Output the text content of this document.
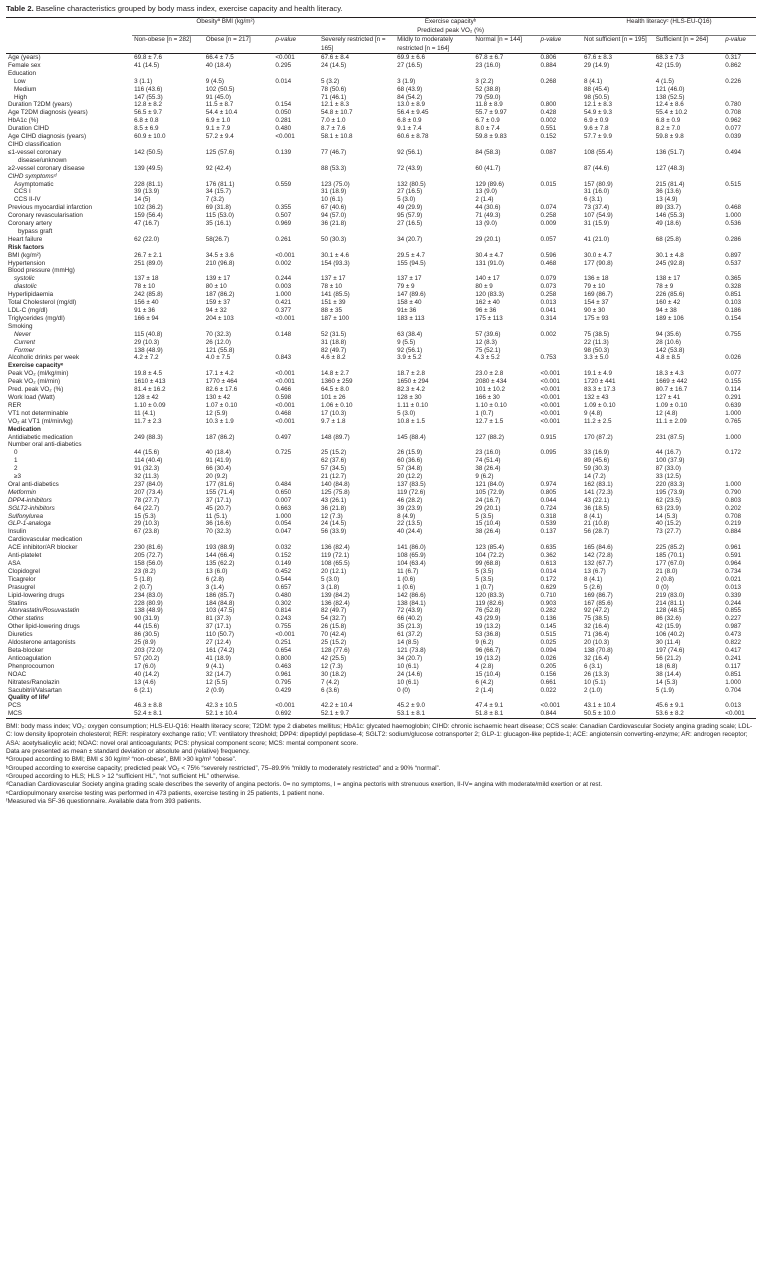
Table 2. Baseline characteristics grouped by body mass index, exercise capacity and health literacy.

	Obesityª BMI (kg/m²)			Exercise capacityᵇ
Predicted peak VO₂ (%)				Health literacyᶜ (HLS-EU-Q16)		
	Non-obese [n = 282]	Obese [n = 217]	p-value	Severely restricted [n = 165]	Mildly to moderately restricted [n = 164]	Normal [n = 144]	p-value	Not sufficient [n = 195]	Sufficient [n = 264]	p-value
Age (years)	69.8 ± 7.6	66.4 ± 7.5	<0.001	67.6 ± 8.4	69.9 ± 6.6	67.8 ± 6.7	0.806	67.6 ± 8.3	68.3 ± 7.3	0.317
Female sex	41 (14.5)	40 (18.4)	0.295	24 (14.5)	27 (16.5)	23 (16.0)	0.884	29 (14.9)	42 (15.9)	0.862
Education										
Low	3 (1.1)	9 (4.5)	0.014	5 (3.2)	3 (1.9)	3 (2.2)	0.268	8 (4.1)	4 (1.5)	0.226
Medium	116 (43.6)	102 (50.5)		78 (50.6)	68 (43.9)	52 (38.8)		88 (45.4)	121 (46.0)	
High	147 (55.3)	91 (45.0)		71 (46.1)	84 (54.2)	79 (59.0)		98 (50.5)	138 (52.5)	
Duration T2DM (years)	12.8 ± 8.2	11.5 ± 8.7	0.154	12.1 ± 8.3	13.0 ± 8.9	11.8 ± 8.9	0.800	12.1 ± 8.3	12.4 ± 8.6	0.780
Age T2DM diagnosis (years)	56.5 ± 9.7	54.4 ± 10.4	0.050	54.8 ± 10.7	56.4 ± 9.45	55.7 ± 9.97	0.428	54.9 ± 9.3	55.4 ± 10.2	0.708
HbA1c (%)	6.8 ± 0.8	6.9 ± 1.0	0.281	7.0 ± 1.0	6.8 ± 0.9	6.7 ± 0.9	0.002	6.9 ± 0.9	6.8 ± 0.9	0.962
Duration CIHD	8.5 ± 6.9	9.1 ± 7.9	0.480	8.7 ± 7.6	9.1 ± 7.4	8.0 ± 7.4	0.551	9.6 ± 7.8	8.2 ± 7.0	0.077
Age CIHD diagnosis (years)	60.9 ± 10.0	57.2 ± 9.4	<0.001	58.1 ± 10.8	60.6 ± 8.78	59.8 ± 9.83	0.152	57.7 ± 9.9	59.8 ± 9.8	0.039
CIHD classification										
≤1-vessel coronary	142 (50.5)	125 (57.6)	0.139	77 (46.7)	92 (56.1)	84 (58.3)	0.087	108 (55.4)	136 (51.7)	0.494
disease/unknown										
≥2-vessel coronary disease	139 (49.5)	92 (42.4)		88 (53.3)	72 (43.9)	60 (41.7)		87 (44.6)	127 (48.3)	
CIHD symptomsᵈ										
Asymptomatic	228 (81.1)	176 (81.1)	0.559	123 (75.0)	132 (80.5)	129 (89.6)	0.015	157 (80.9)	215 (81.4)	0.515
CCS I	39 (13.9)	34 (15.7)		31 (18.9)	27 (16.5)	13 (9.0)		31 (16.0)	36 (13.6)	
CCS II-IV	14 (5)	7 (3.2)		10 (6.1)	5 (3.0)	2 (1.4)		6 (3.1)	13 (4.9)	
Previous myocardial infarction	102 (36.2)	69 (31.8)	0.355	67 (40.6)	49 (29.9)	44 (30.6)	0.074	73 (37.4)	89 (33.7)	0.468
Coronary revascularisation	159 (56.4)	115 (53.0)	0.507	94 (57.0)	95 (57.9)	71 (49.3)	0.258	107 (54.9)	146 (55.3)	1.000
Coronary artery	47 (16.7)	35 (16.1)	0.969	36 (21.8)	27 (16.5)	13 (9.0)	0.009	31 (15.9)	49 (18.6)	0.536
bypass graft										
Heart failure	62 (22.0)	58(26.7)	0.261	50 (30.3)	34 (20.7)	29 (20.1)	0.057	41 (21.0)	68 (25.8)	0.286
Risk factors										
BMI (kg/m²)	26.7 ± 2.1	34.5 ± 3.6	<0.001	30.1 ± 4.6	29.5 ± 4.7	30.4 ± 4.7	0.596	30.0 ± 4.7	30.1 ± 4.8	0.897
Hypertension	251 (89.0)	210 (96.8)	0.002	154 (93.3)	155 (94.5)	131 (91.0)	0.468	177 (90.8)	245 (92.8)	0.537
Blood pressure (mmHg)										
systolic	137 ± 18	139 ± 17	0.244	137 ± 17	137 ± 17	140 ± 17	0.079	136 ± 18	138 ± 17	0.365
diastolic	78 ± 10	80 ± 10	0.003	78 ± 10	79 ± 9	80 ± 9	0.073	79 ± 10	78 ± 9	0.328
Hyperlipidaemia	242 (85.8)	187 (86.2)	1.000	141 (85.5)	147 (89.6)	120 (83.3)	0.258	169 (86.7)	226 (85.6)	0.851
Total Cholesterol (mg/dl)	156 ± 40	159 ± 37	0.421	151 ± 39	158 ± 40	162 ± 40	0.013	154 ± 37	160 ± 42	0.103
LDL-C (mg/dl)	91 ± 36	94 ± 32	0.377	88 ± 35	91± 36	96 ± 36	0.041	90 ± 30	94 ± 38	0.186
Triglycerides (mg/dl)	166 ± 94	204 ± 103	<0.001	187 ± 100	183 ± 113	175 ± 113	0.314	175 ± 93	189 ± 106	0.154
Smoking										
Never	115 (40.8)	70 (32.3)	0.148	52 (31.5)	63 (38.4)	57 (39.6)	0.002	75 (38.5)	94 (35.6)	0.755
Current	29 (10.3)	26 (12.0)		31 (18.8)	9 (5.5)	12 (8.3)		22 (11.3)	28 (10.6)	
Former	138 (48.9)	121 (55.8)		82 (49.7)	92 (56.1)	75 (52.1)		98 (50.3)	142 (53.8)	
Alcoholic drinks per week	4.2 ± 7.2	4.0 ± 7.5	0.843	4.6 ± 8.2	3.9 ± 5.2	4.3 ± 5.2	0.753	3.3 ± 5.0	4.8 ± 8.5	0.026
Exercise capacityᵉ										
Peak VO₂ (ml/kg/min)	19.8 ± 4.5	17.1 ± 4.2	<0.001	14.8 ± 2.7	18.7 ± 2.8	23.0 ± 2.8	<0.001	19.1 ± 4.9	18.3 ± 4.3	0.077
Peak VO₂ (ml/min)	1610 ± 413	1770 ± 464	<0.001	1360 ± 259	1650 ± 294	2080 ± 434	<0.001	1720 ± 441	1669 ± 442	0.155
Pred. peak VO₂ (%)	81.4 ± 16.2	82.6 ± 17.6	0.466	64.5 ± 8.0	82.3 ± 4.2	101 ± 10.2	<0.001	83.3 ± 17.3	80.7 ± 16.7	0.114
Work load (Watt)	128 ± 42	130 ± 42	0.598	101 ± 26	128 ± 30	166 ± 30	<0.001	132 ± 43	127 ± 41	0.291
RER	1.10 ± 0.09	1.07 ± 0.10	<0.001	1.06 ± 0.10	1.11 ± 0.10	1.10 ± 0.10	<0.001	1.09 ± 0.10	1.09 ± 0.10	0.639
VT1 not determinable	11 (4.1)	12 (5.9)	0.468	17 (10.3)	5 (3.0)	1 (0.7)	<0.001	9 (4.8)	12 (4.8)	1.000
VO₂ at VT1 (ml/min/kg)	11.7 ± 2.3	10.3 ± 1.9	<0.001	9.7 ± 1.8	10.8 ± 1.5	12.7 ± 1.5	<0.001	11.2 ± 2.5	11.1 ± 2.09	0.765
Medication										
Antidiabetic medication	249 (88.3)	187 (86.2)	0.497	148 (89.7)	145 (88.4)	127 (88.2)	0.915	170 (87.2)	231 (87.5)	1.000
Number oral anti-diabetics										
0	44 (15.6)	40 (18.4)	0.725	25 (15.2)	26 (15.9)	23 (16.0)	0.095	33 (16.9)	44 (16.7)	0.172
1	114 (40.4)	91 (41.9)		62 (37.6)	60 (36.6)	74 (51.4)		89 (45.6)	100 (37.9)	
2	91 (32.3)	66 (30.4)		57 (34.5)	57 (34.8)	38 (26.4)		59 (30.3)	87 (33.0)	
≥3	32 (11.3)	20 (9.2)		21 (12.7)	20 (12.2)	9 (6.2)		14 (7.2)	33 (12.5)	
Oral anti-diabetics	237 (84.0)	177 (81.6)	0.484	140 (84.8)	137 (83.5)	121 (84.0)	0.974	162 (83.1)	220 (83.3)	1.000
Metformin	207 (73.4)	155 (71.4)	0.650	125 (75.8)	119 (72.6)	105 (72.9)	0.805	141 (72.3)	195 (73.9)	0.790
DPP4-inhibitors	78 (27.7)	37 (17.1)	0.007	43 (26.1)	46 (28.2)	24 (16.7)	0.044	43 (22.1)	62 (23.5)	0.803
SGLT2-inhibitors	64 (22.7)	45 (20.7)	0.663	36 (21.8)	39 (23.9)	29 (20.1)	0.724	36 (18.5)	63 (23.9)	0.202
Sulfonylurea	15 (5.3)	11 (5.1)	1.000	12 (7.3)	8 (4.9)	5 (3.5)	0.318	8 (4.1)	14 (5.3)	0.708
GLP-1-analoga	29 (10.3)	36 (16.6)	0.054	24 (14.5)	22 (13.5)	15 (10.4)	0.539	21 (10.8)	40 (15.2)	0.219
Insulin	67 (23.8)	70 (32.3)	0.047	56 (33.9)	40 (24.4)	38 (26.4)	0.137	56 (28.7)	73 (27.7)	0.884
Cardiovascular medication										
ACE inhibitor/AR blocker	230 (81.6)	193 (88.9)	0.032	136 (82.4)	141 (86.0)	123 (85.4)	0.635	165 (84.6)	225 (85.2)	0.961
Anti-platelet	205 (72.7)	144 (66.4)	0.152	119 (72.1)	108 (65.9)	104 (72.2)	0.362	142 (72.8)	185 (70.1)	0.591
ASA	158 (56.0)	135 (62.2)	0.149	108 (65.5)	104 (63.4)	99 (68.8)	0.613	132 (67.7)	177 (67.0)	0.964
Clopidogrel	23 (8.2)	13 (6.0)	0.452	20 (12.1)	11 (6.7)	5 (3.5)	0.014	13 (6.7)	21 (8.0)	0.734
Ticagrelor	5 (1.8)	6 (2.8)	0.544	5 (3.0)	1 (0.6)	5 (3.5)	0.172	8 (4.1)	2 (0.8)	0.021
Prasugrel	2 (0.7)	3 (1.4)	0.657	3 (1.8)	1 (0.6)	1 (0.7)	0.629	5 (2.6)	0 (0)	0.013
Lipid-lowering drugs	234 (83.0)	186 (85.7)	0.480	139 (84.2)	142 (86.6)	120 (83.3)	0.710	169 (86.7)	219 (83.0)	0.339
Statins	228 (80.9)	184 (84.8)	0.302	136 (82.4)	138 (84.1)	119 (82.6)	0.903	167 (85.6)	214 (81.1)	0.244
Atorvastatin/Rosuvastatin	138 (48.9)	103 (47.5)	0.814	82 (49.7)	72 (43.9)	76 (52.8)	0.282	92 (47.2)	128 (48.5)	0.855
Other statins	90 (31.9)	81 (37.3)	0.243	54 (32.7)	66 (40.2)	43 (29.9)	0.136	75 (38.5)	86 (32.6)	0.227
Other lipid-lowering drugs	44 (15.6)	37 (17.1)	0.755	26 (15.8)	35 (21.3)	19 (13.2)	0.145	32 (16.4)	42 (15.9)	0.987
Diuretics	86 (30.5)	110 (50.7)	<0.001	70 (42.4)	61 (37.2)	53 (36.8)	0.515	71 (36.4)	106 (40.2)	0.473
Aldosterone antagonists	25 (8.9)	27 (12.4)	0.251	25 (15.2)	14 (8.5)	9 (6.2)	0.025	20 (10.3)	30 (11.4)	0.822
Beta-blocker	203 (72.0)	161 (74.2)	0.654	128 (77.6)	121 (73.8)	96 (66.7)	0.094	138 (70.8)	197 (74.6)	0.417
Anticoagulation	57 (20.2)	41 (18.9)	0.800	42 (25.5)	34 (20.7)	19 (13.2)	0.026	32 (16.4)	56 (21.2)	0.241
Phenprocoumon	17 (6.0)	9 (4.1)	0.463	12 (7.3)	10 (6.1)	4 (2.8)	0.205	6 (3.1)	18 (6.8)	0.117
NOAC	40 (14.2)	32 (14.7)	0.961	30 (18.2)	24 (14.6)	15 (10.4)	0.156	26 (13.3)	38 (14.4)	0.851
Nitrates/Ranolazin	13 (4.6)	12 (5.5)	0.795	7 (4.2)	10 (6.1)	6 (4.2)	0.661	10 (5.1)	14 (5.3)	1.000
Sacubitril/Valsartan	6 (2.1)	2 (0.9)	0.429	6 (3.6)	0 (0)	2 (1.4)	0.022	2 (1.0)	5 (1.9)	0.704
Quality of lifeᶠ										
PCS	46.3 ± 8.8	42.3 ± 10.5	<0.001	42.2 ± 10.4	45.2 ± 9.0	47.4 ± 9.1	<0.001	43.1 ± 10.4	45.6 ± 9.1	0.013
MCS	52.4 ± 8.1	52.1 ± 10.4	0.692	52.1 ± 9.7	53.1 ± 8.1	51.8 ± 8.1	0.844	50.5 ± 10.0	53.6 ± 8.2	<0.001

BMI: body mass index; VO₂: oxygen consumption; HLS-EU-Q16: Health literacy score; T2DM: type 2 diabetes mellitus; HbA1c: glycated haemoglobin; CIHD: chronic ischaemic heart disease; CCS scale: Canadian Cardiovascular Society angina grading scale; LDL-C: low density lipoprotein cholesterol; RER: respiratory exchange ratio; VT: ventilatory threshold; DPP4: dipeptidyl peptidase-4; SGLT2: sodium/glucose cotransporter 2; GLP-1: glucagon-like peptide-1; ACE: angiotensin converting-enzyme; AR: androgen receptor; ASA: acetylsalicylic acid; NOAC: novel oral anticoagulants; PCS: physical component score; MCS: mental component score.

Data are presented as mean ± standard deviation or absolute and (relative) frequency.

ªGrouped according to BMI; BMI ≤ 30 kg/m² “non-obese”, BMI >30 kg/m² “obese”.

ᵇGrouped according to exercise capacity; predicted peak VO₂ < 75% “severely restricted”, 75–89.9% “mildly to moderately restricted” and ≥ 90% “normal”.

ᶜGrouped according to HLS; HLS > 12 “sufficient HL”, “not sufficient HL” otherwise.

ᵈCanadian Cardiovascular Society angina grading scale describes the severity of angina pectoris. 0= no symptoms, I = angina pectoris with strenuous exertion, II-IV= angina with moderate/mild exertion or at rest.

ᵉCardiopulmonary exercise testing was performed in 473 patients, exercise testing in 25 patients, 1 patient none.

ᶠMeasured via SF-36 questionnaire. Available data from 393 patients.
